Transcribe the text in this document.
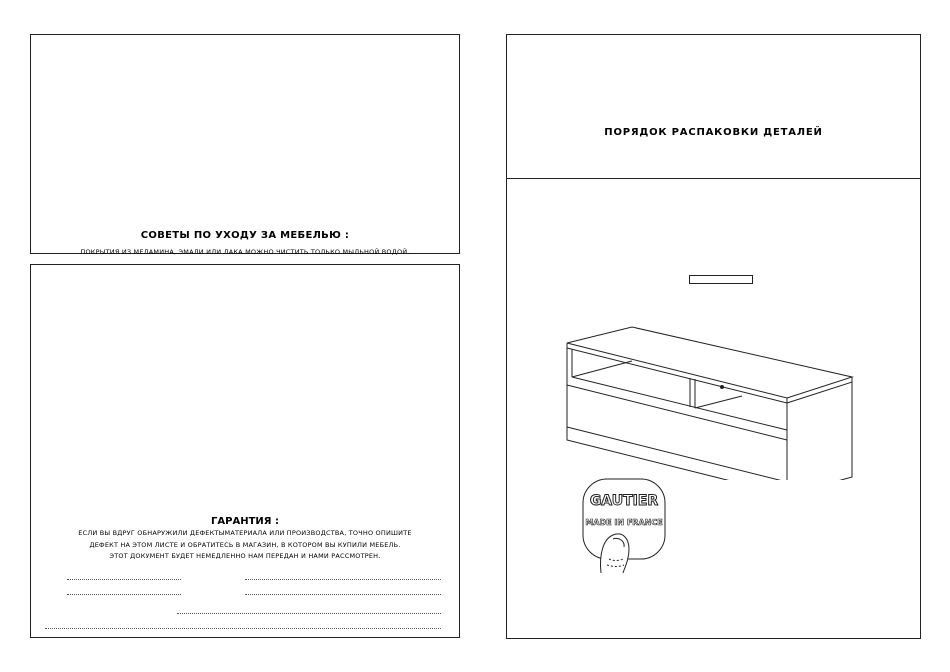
СОВЕТЫ ПО УХОДУ ЗА МЕБЕЛЬЮ :
ПОКРЫТИЯ ИЗ МЕЛАМИНА, ЭМАЛИ ИЛИ ЛАКА МОЖНО ЧИСТИТЬ ТОЛЬКО МЫЛЬНОЙ ВОДОЙ.
ГАРАНТИЯ :
ЕСЛИ ВЫ ВДРУГ ОБНАРУЖИЛИ ДЕФЕКТЫМАТЕРИАЛА ИЛИ ПРОИЗВОДСТВА, ТОЧНО ОПИШИТЕ
ДЕФЕКТ НА ЭТОМ ЛИСТЕ И ОБРАТИТЕСЬ В МАГАЗИН, В КОТОРОМ ВЫ КУПИЛИ МЕБЕЛЬ.
ЭТОТ ДОКУМЕНТ БУДЕТ НЕМЕДЛЕННО НАМ ПЕРЕДАН И НАМИ РАССМОТРЕН.
ПОРЯДОК РАСПАКОВКИ ДЕТАЛЕЙ
GAUTIER
MADE IN FRANCE
